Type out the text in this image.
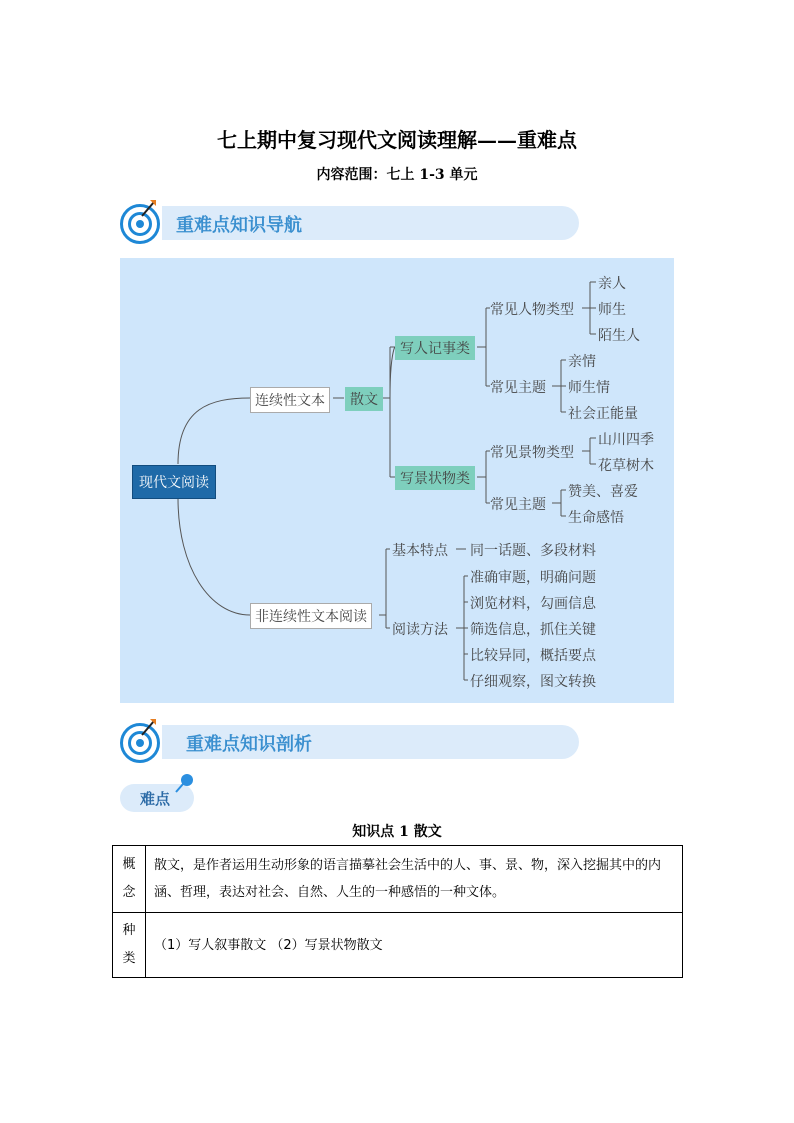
七上期中复习现代文阅读理解——重难点
内容范围：七上 1-3 单元
重难点知识导航
现代文阅读
连续性文本	散文
写人记事类
常见人物类型
亲人
师生
陌生人
常见主题
亲情
师生情
社会正能量
写景状物类
常见景物类型
山川四季
花草树木
常见主题
赞美、喜爱
生命感悟
非连续性文本阅读
基本特点 同一话题、多段材料
阅读方法
准确审题，明确问题
浏览材料，勾画信息
筛选信息，抓住关键
比较异同，概括要点
仔细观察，图文转换
重难点知识剖析
难点
知识点 1 散文
概
念	散文，是作者运用生动形象的语言描摹社会生活中的人、事、景、物，深入挖掘其中的内涵、哲理，表达对社会、自然、人生的一种感悟的一种文体。

种
类	（1）写人叙事散文 （2）写景状物散文
